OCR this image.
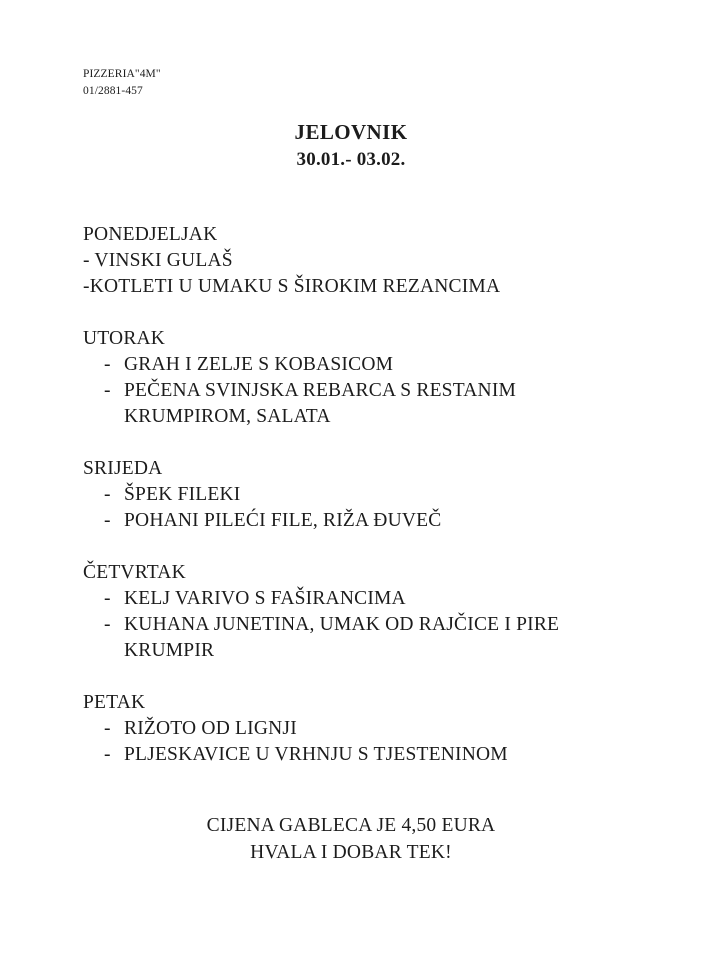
PIZZERIA"4M"
01/2881-457
JELOVNIK
30.01.- 03.02.
PONEDJELJAK
- VINSKI GULAŠ
-KOTLETI U UMAKU S ŠIROKIM REZANCIMA
UTORAK
- GRAH I ZELJE S KOBASICOM
- PEČENA SVINJSKA REBARCA S RESTANIM KRUMPIROM, SALATA
SRIJEDA
- ŠPEK FILEKI
- POHANI PILEĆI FILE, RIŽA ĐUVEČ
ČETVRTAK
- KELJ VARIVO S FAŠIRANCIMA
- KUHANA JUNETINA, UMAK OD RAJČICE I PIRE KRUMPIR
PETAK
- RIŽOTO OD LIGNJI
- PLJESKAVICE U VRHNJU S TJESTENINOM
CIJENA GABLECA JE 4,50 EURA
HVALA I DOBAR TEK!
